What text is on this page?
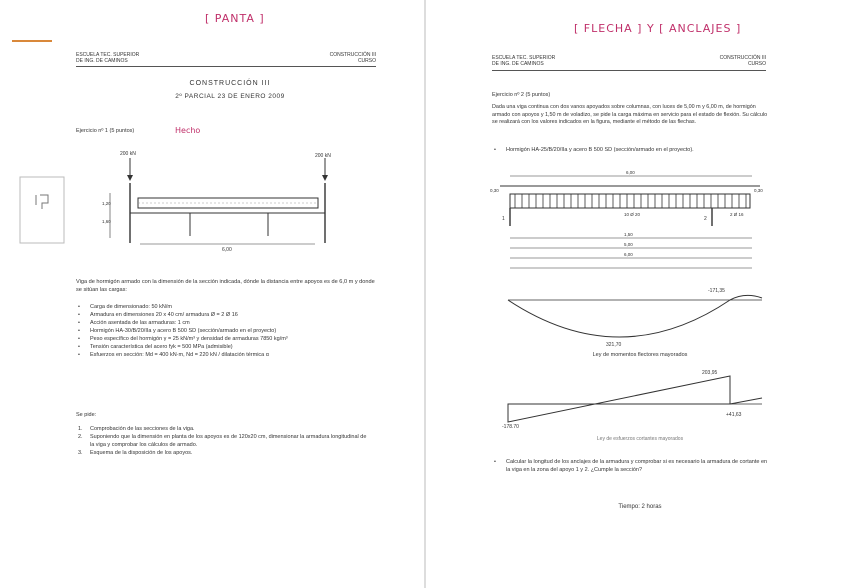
[ PANTA ]
ESCUELA TEC. SUPERIOR
DE ING. DE CAMINOS
CONSTRUCCIÓN III
CURSO
CONSTRUCCIÓN III
2º PARCIAL 23 DE ENERO 2009
Ejercicio nº 1 (5 puntos)	Hecho
200 kN	200 kN
6,00
1,20
1,60
Viga de hormigón armado con la dimensión de la sección indicada, dónde la distancia entre apoyos es de 6,0 m y donde se sitúan las cargas:
• Carga de dimensionado: 50 kN/m
• Armadura en dimensiones 20 x 40 cm/ armadura Ø = 2 Ø 16
• Acción asentada de las armaduras: 1 cm
• Hormigón HA-30/B/20/IIa y acero B 500 SD (sección/armado en el proyecto)
• Peso específico del hormigón γ = 25 kN/m³ y densidad de armaduras 7850 kg/m³
• Tensión característica del acero fyk = 500 MPa (admisible)
• Esfuerzos en sección: Md = 400 kN·m, Nd = 220 kN / dilatación térmica α
Se pide:
1. Comprobación de las secciones de la viga.
2. Suponiendo que la dimensión en planta de los apoyos es de 120x20 cm, dimensionar la armadura longitudinal de la viga y comprobar los cálculos de armado.
3. Esquema de la disposición de los apoyos.
[ FLECHA ] Y [ ANCLAJES ]
ESCUELA TEC. SUPERIOR
DE ING. DE CAMINOS
CONSTRUCCIÓN III
CURSO
Ejercicio nº 2 (5 puntos)
Dada una viga continua con dos vanos apoyados sobre columnas, con luces de 5,00 m y 6,00 m, de hormigón armado con apoyos y 1,50 m de voladizo, se pide la carga máxima en servicio para el estado de flexión. Su cálculo se realizará con los valores indicados en la figura, mediante el método de las flechas.
• Hormigón HA-25/B/20/IIa y acero B 500 SD (sección/armado en el proyecto).
6,00
1	2
10 Ø 20	2 Ø 16
0,30	0,30
1,50
5,00
6,00
-171,35
321,70
Ley de momentos flectores mayorados
203,95
-178,70
+41,63
Ley de esfuerzos cortantes mayorados
• Calcular la longitud de los anclajes de la armadura y comprobar si es necesario la armadura de cortante en la viga en la zona del apoyo 1 y 2. ¿Cumple la sección?
Tiempo: 2 horas
